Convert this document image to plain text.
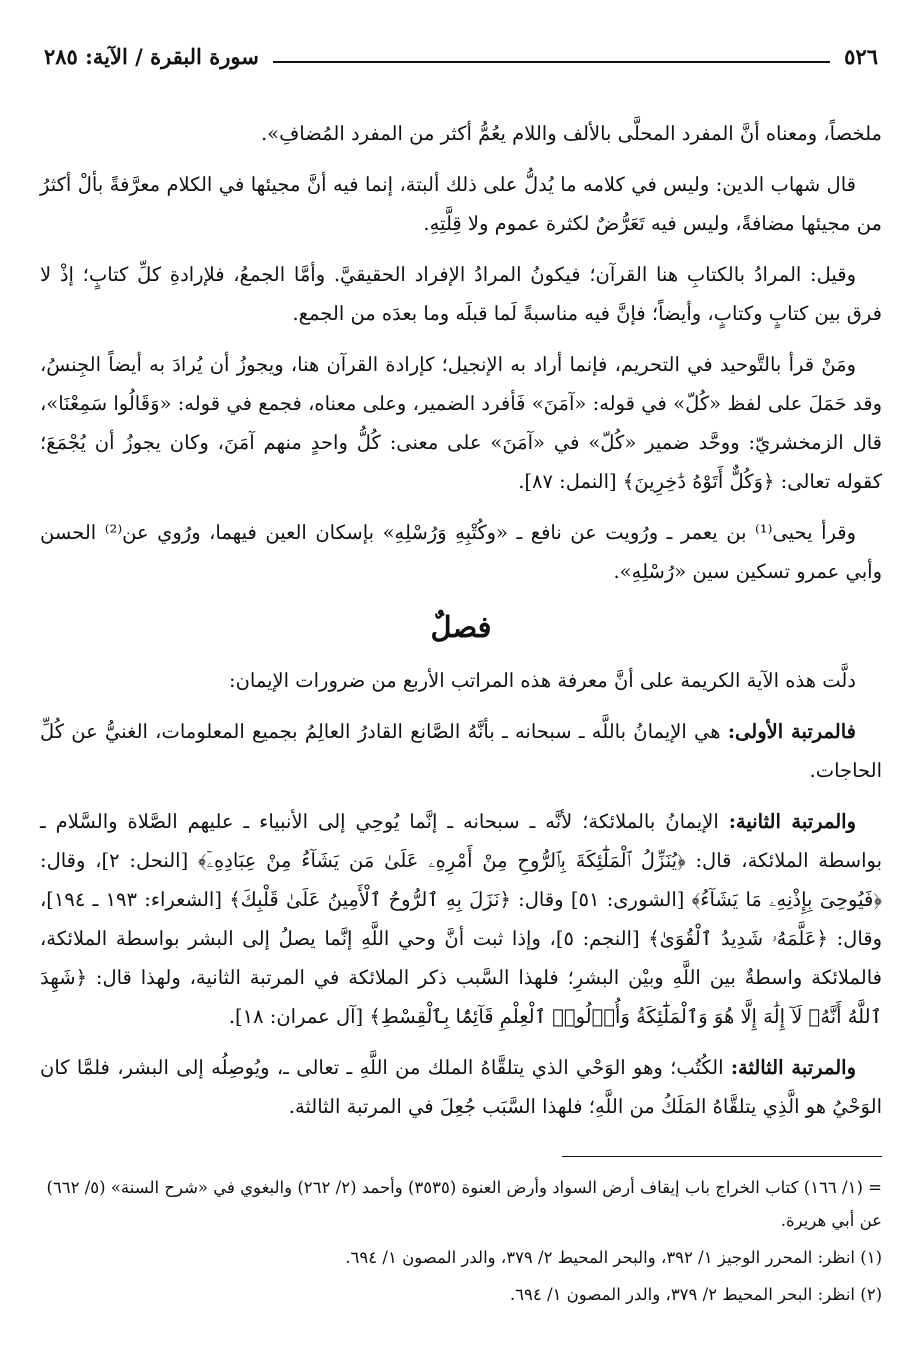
٥٢٦
سورة البقرة / الآية: ٢٨٥

ملخصاً، ومعناه أنَّ المفرد المحلَّى بالألف واللام يعُمُّ أكثر من المفرد المُضافِ».

قال شهاب الدين: وليس في كلامه ما يُدلُّ على ذلك ألبتة، إنما فيه أنَّ مجيئها في الكلام معرَّفةً بألْ أكثرُ من مجيئها مضافةً، وليس فيه تَعَرُّضٌ لكثرة عموم ولا قِلَّتِهِ.

وقيل: المرادُ بالكتابِ هنا القرآن؛ فيكونُ المرادُ الإفراد الحقيقيَّ. وأمَّا الجمعُ، فلإرادةِ كلِّ كتابٍ؛ إذْ لا فرق بين كتابٍ وكتابٍ، وأيضاً؛ فإنَّ فيه مناسبةً لَما قبلَه وما بعدَه من الجمع.

ومَنْ قرأ بالتَّوحيد في التحريم، فإنما أراد به الإنجيل؛ كإرادة القرآن هنا، ويجوزُ أن يُرادَ به أيضاً الجِنسُ، وقد حَمَلَ على لفظ «كُلّ» في قوله: «آمَنَ» فَأفرد الضمير، وعلى معناه، فجمع في قوله: «وَقَالُوا سَمِعْنَا»، قال الزمخشريّ: ووحَّد ضمير «كُلّ» في «آمَنَ» على معنى: كُلُّ واحدٍ منهم آمَنَ، وكان يجوزُ أن يُجْمَعَ؛ كقوله تعالى: ﴿وَكُلٌّ أَتَوْهُ دَٰخِرِينَ﴾ [النمل: ٨٧].

وقرأ يحيى⁽¹⁾ بن يعمر ـ ورُويت عن نافع ـ «وكُتْبِهِ وَرُسْلِهِ» بإسكان العين فيهما، ورُوي عن⁽²⁾ الحسن وأبي عمرو تسكين سين «رُسْلِهِ».

فصلٌ

دلَّت هذه الآية الكريمة على أنَّ معرفة هذه المراتب الأربع من ضرورات الإيمان:

فالمرتبة الأولى: هي الإيمانُ باللَّه ـ سبحانه ـ بأنَّهُ الصَّانع القادرُ العالِمُ بجميع المعلومات، الغنيُّ عن كُلِّ الحاجات.

والمرتبة الثانية: الإيمانُ بالملائكة؛ لأنَّه ـ سبحانه ـ إنَّما يُوحِي إلى الأنبياء ـ عليهم الصَّلاة والسَّلام ـ بواسطة الملائكة، قال: ﴿يُنَزِّلُ ٱلْمَلَٰٓئِكَةَ بِٱلرُّوحِ مِنْ أَمْرِهِۦ عَلَىٰ مَن يَشَآءُ مِنْ عِبَادِهِۦٓ﴾ [النحل: ٢]، وقال: ﴿فَيُوحِىَ بِإِذْنِهِۦ مَا يَشَآءُ﴾ [الشورى: ٥١] وقال: ﴿نَزَلَ بِهِ ٱلرُّوحُ ٱلْأَمِينُ عَلَىٰ قَلْبِكَ﴾ [الشعراء: ١٩٣ ـ ١٩٤]، وقال: ﴿عَلَّمَهُۥ شَدِيدُ ٱلْقُوَىٰ﴾ [النجم: ٥]، وإذا ثبت أنَّ وحي اللَّهِ إنَّما يصلُ إلى البشر بواسطة الملائكة، فالملائكة واسطةٌ بين اللَّهِ وبيْن البشرِ؛ فلهذا السَّبب ذكر الملائكة في المرتبة الثانية، ولهذا قال: ﴿شَهِدَ ٱللَّهُ أَنَّهُۥ لَآ إِلَٰهَ إِلَّا هُوَ وَٱلْمَلَٰٓئِكَةُ وَأُو۟لُوا۟ ٱلْعِلْمِ قَآئِمًۢا بِٱلْقِسْطِ﴾ [آل عمران: ١٨].

والمرتبة الثالثة: الكُتُب؛ وهو الوَحْي الذي يتلقَّاهُ الملك من اللَّهِ ـ تعالى ـ، ويُوصِلُه إلى البشر، فلمَّا كان الوَحْيُ هو الَّذِي يتلقَّاهُ المَلَكُ من اللَّهِ؛ فلهذا السَّبَب جُعِلَ في المرتبة الثالثة.

= (١/ ١٦٦) كتاب الخراج باب إيقاف أرض السواد وأرض العنوة (٣٥٣٥) وأحمد (٢/ ٢٦٢) والبغوي في «شرح السنة» (٥/ ٦٦٢) عن أبي هريرة.

(١) انظر: المحرر الوجيز ١/ ٣٩٢، والبحر المحيط ٢/ ٣٧٩، والدر المصون ١/ ٦٩٤.

(٢) انظر: البحر المحيط ٢/ ٣٧٩، والدر المصون ١/ ٦٩٤.
